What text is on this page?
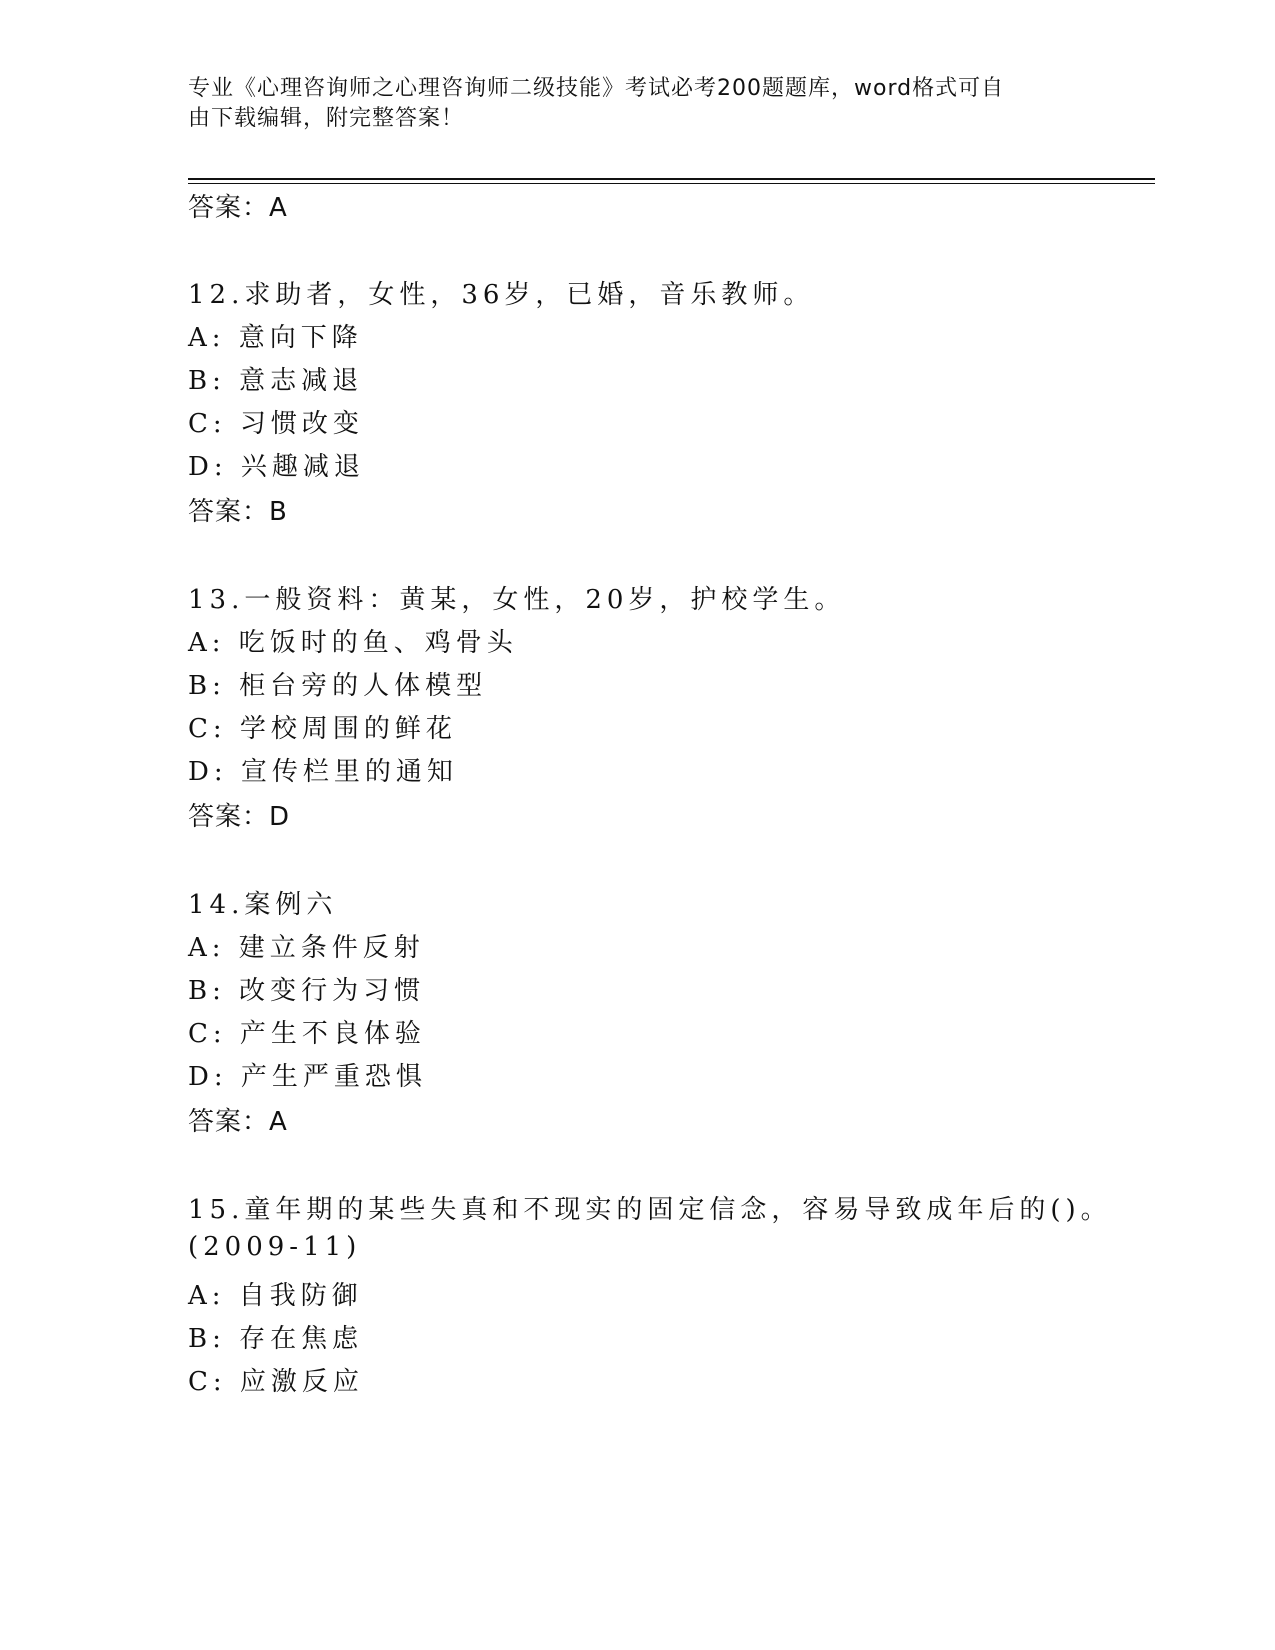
专业《心理咨询师之心理咨询师二级技能》考试必考200题题库，word格式可自
由下载编辑，附完整答案！
答案：A
12.求助者，女性，36岁，已婚，音乐教师。
A: 意向下降
B: 意志减退
C: 习惯改变
D: 兴趣减退
答案：B
13.一般资料：黄某，女性，20岁，护校学生。
A: 吃饭时的鱼、鸡骨头
B: 柜台旁的人体模型
C: 学校周围的鲜花
D: 宣传栏里的通知
答案：D
14.案例六
A: 建立条件反射
B: 改变行为习惯
C: 产生不良体验
D: 产生严重恐惧
答案：A
15.童年期的某些失真和不现实的固定信念，容易导致成年后的()。
(2009-11)
A: 自我防御
B: 存在焦虑
C: 应激反应
